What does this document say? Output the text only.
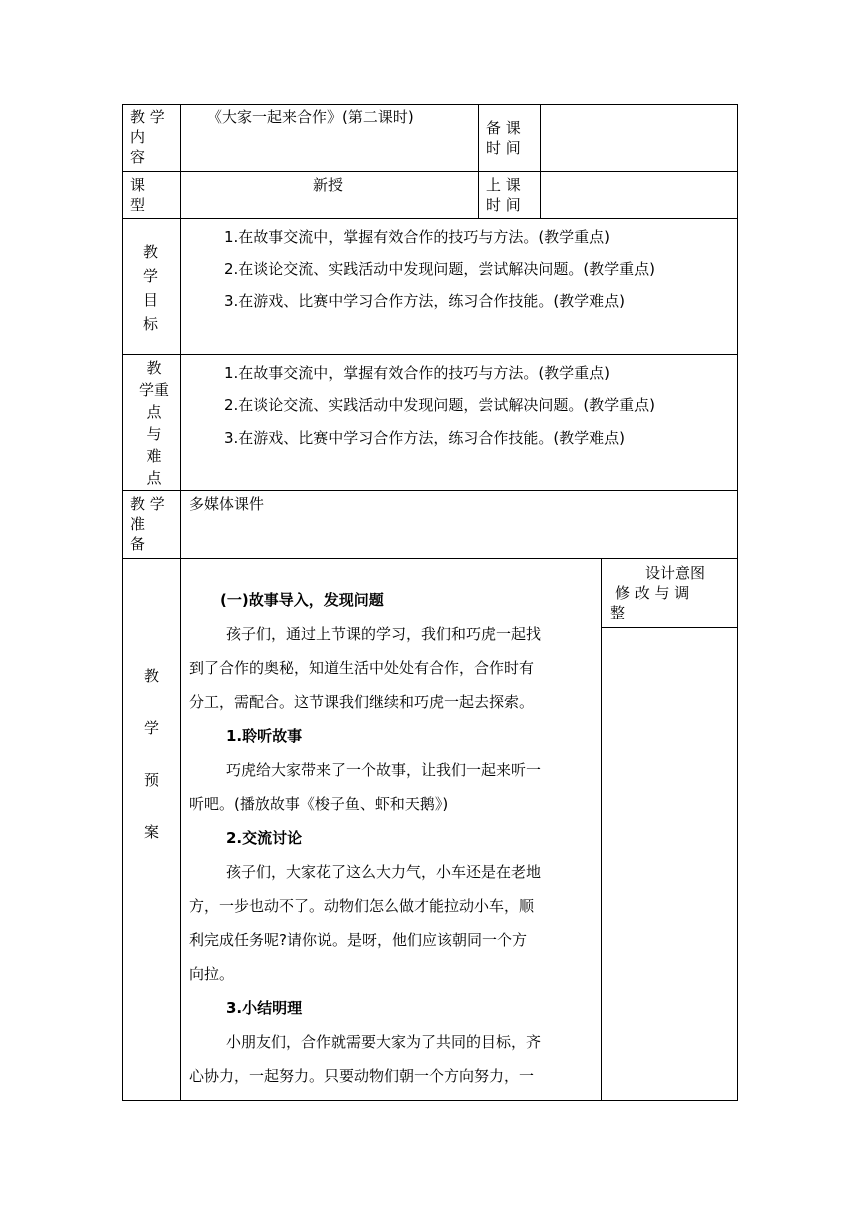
教 学
内
容
《大家一起来合作》(第二课时)
备 课
时 间
课
型
新授	上 课
时 间
教
学
目
标
1.在故事交流中，掌握有效合作的技巧与方法。(教学重点)
2.在谈论交流、实践活动中发现问题，尝试解决问题。(教学重点)
3.在游戏、比赛中学习合作方法，练习合作技能。(教学难点)
教
学重
点
与
难
点
1.在故事交流中，掌握有效合作的技巧与方法。(教学重点)
2.在谈论交流、实践活动中发现问题，尝试解决问题。(教学重点)
3.在游戏、比赛中学习合作方法，练习合作技能。(教学难点)
教 学
准
备
多媒体课件
教
学
预
案
设计意图
修 改 与 调
整
(一)故事导入，发现问题
孩子们，通过上节课的学习，我们和巧虎一起找
到了合作的奥秘，知道生活中处处有合作，合作时有
分工，需配合。这节课我们继续和巧虎一起去探索。
1.聆听故事
巧虎给大家带来了一个故事，让我们一起来听一
听吧。(播放故事《梭子鱼、虾和天鹅》)
2.交流讨论
孩子们，大家花了这么大力气，小车还是在老地
方，一步也动不了。动物们怎么做才能拉动小车，顺
利完成任务呢?请你说。是呀，他们应该朝同一个方
向拉。
3.小结明理
小朋友们，合作就需要大家为了共同的目标，齐
心协力，一起努力。只要动物们朝一个方向努力，一
